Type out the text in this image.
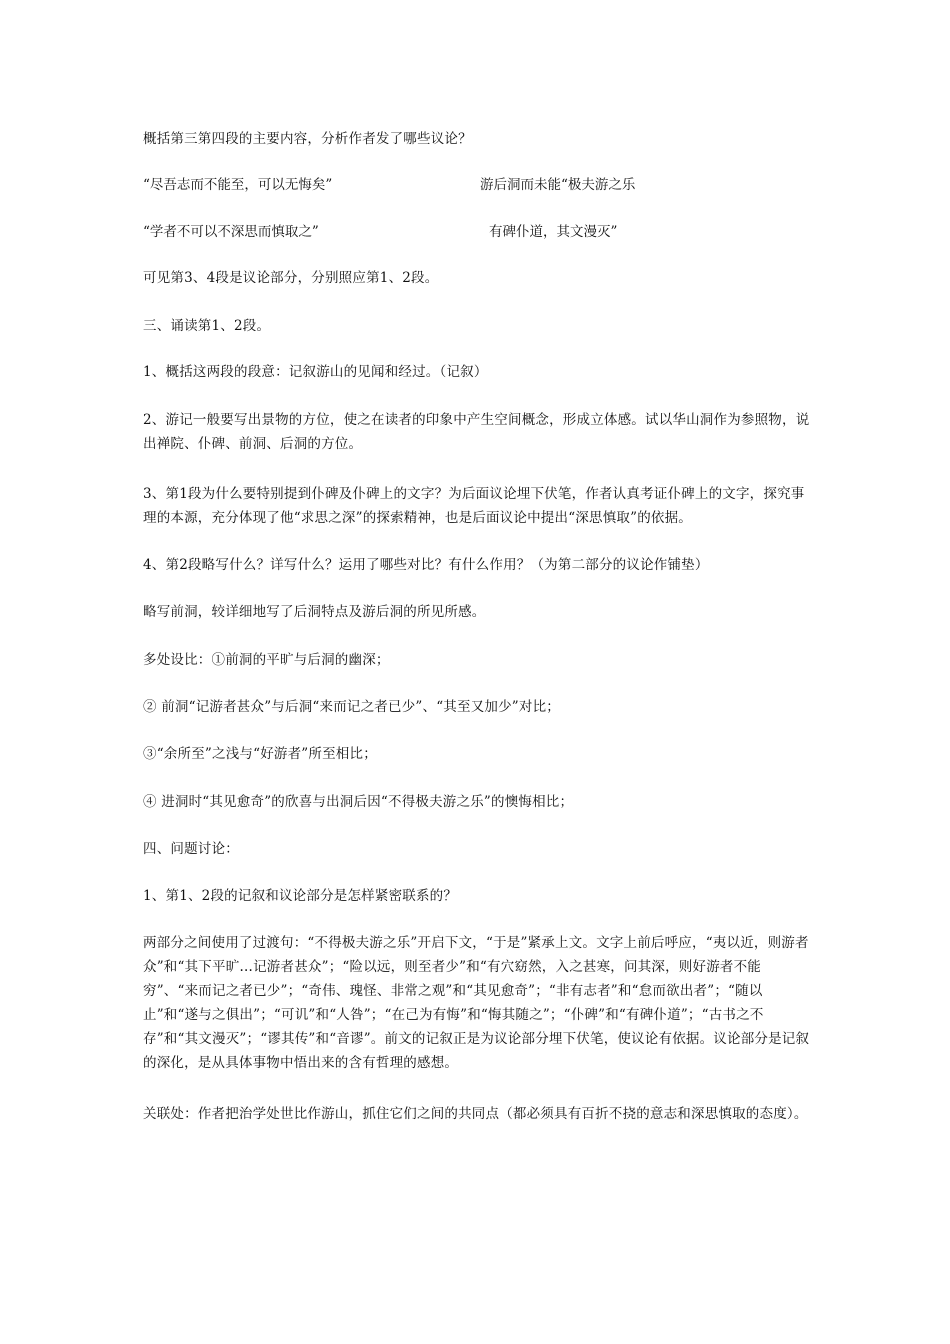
概括第三第四段的主要内容，分析作者发了哪些议论？

“尽吾志而不能至，可以无悔矣”	游后洞而未能“极夫游之乐
“学者不可以不深思而慎取之”	有碑仆道，其文漫灭”

可见第3、4段是议论部分，分别照应第1、2段。

三、诵读第1、2段。

1、概括这两段的段意：记叙游山的见闻和经过。（记叙）

2、游记一般要写出景物的方位，使之在读者的印象中产生空间概念，形成立体感。试以华山洞作为参照物，说出禅院、仆碑、前洞、后洞的方位。

3、第1段为什么要特别提到仆碑及仆碑上的文字？为后面议论埋下伏笔，作者认真考证仆碑上的文字，探究事理的本源，充分体现了他“求思之深”的探索精神，也是后面议论中提出“深思慎取”的依据。

4、第2段略写什么？详写什么？运用了哪些对比？有什么作用？（为第二部分的议论作铺垫）

略写前洞，较详细地写了后洞特点及游后洞的所见所感。

多处设比：①前洞的平旷与后洞的幽深；

② 前洞“记游者甚众”与后洞“来而记之者已少”、“其至又加少”对比；

③“余所至”之浅与“好游者”所至相比；

④ 进洞时“其见愈奇”的欣喜与出洞后因“不得极夫游之乐”的懊悔相比；

四、问题讨论：

1、第1、2段的记叙和议论部分是怎样紧密联系的？

两部分之间使用了过渡句：“不得极夫游之乐”开启下文，“于是”紧承上文。文字上前后呼应，“夷以近，则游者众”和“其下平旷…记游者甚众”；“险以远，则至者少”和“有穴窈然，入之甚寒，问其深，则好游者不能穷”、“来而记之者已少”；“奇伟、瑰怪、非常之观”和“其见愈奇”；“非有志者”和“怠而欲出者”；“随以止”和“遂与之俱出”；“可讥”和“人咎”；“在己为有悔”和“悔其随之”；“仆碑”和“有碑仆道”；“古书之不存”和“其文漫灭”；“谬其传”和“音谬”。前文的记叙正是为议论部分埋下伏笔，使议论有依据。议论部分是记叙的深化，是从具体事物中悟出来的含有哲理的感想。

关联处：作者把治学处世比作游山，抓住它们之间的共同点（都必须具有百折不挠的意志和深思慎取的态度）。
